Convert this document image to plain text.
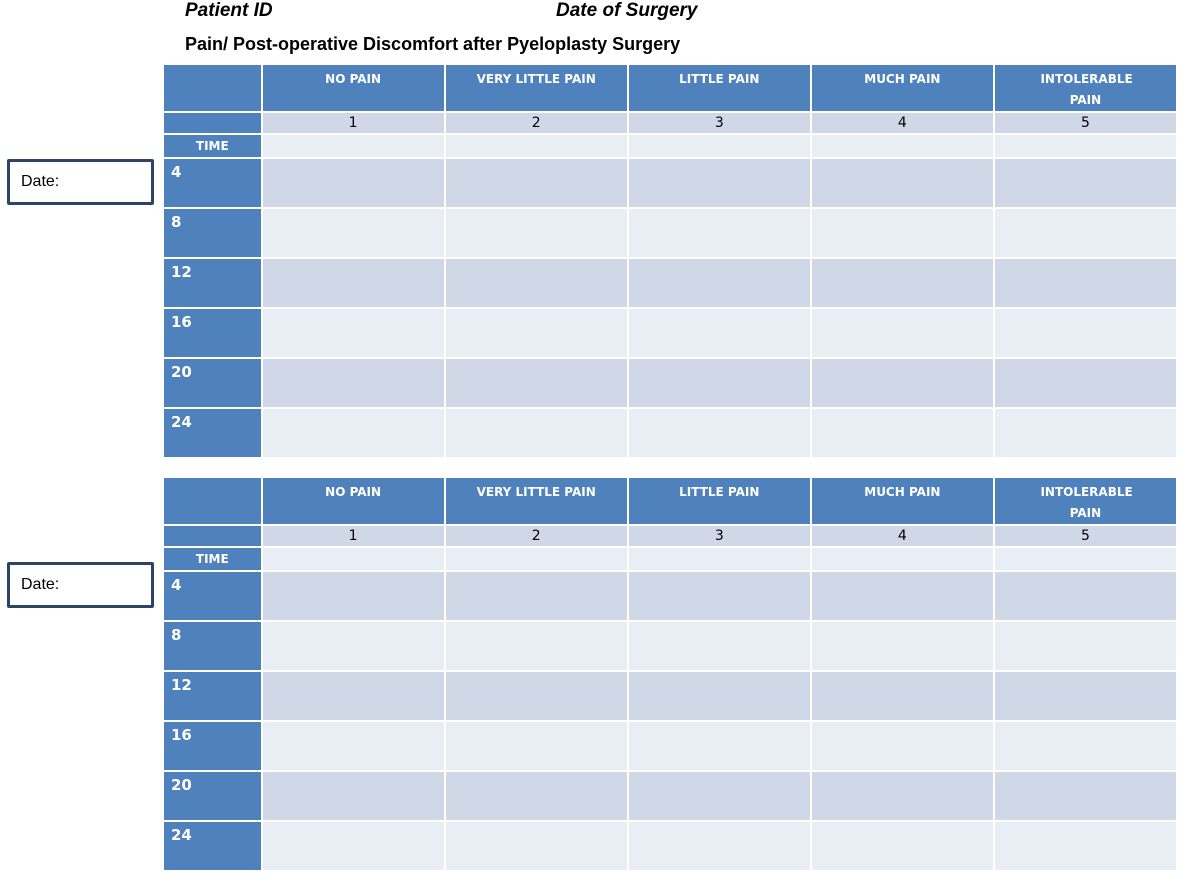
Patient ID	Date of Surgery
Pain/ Post-operative Discomfort after Pyeloplasty Surgery
Date:
	NO PAIN	VERY LITTLE PAIN	LITTLE PAIN	MUCH PAIN	INTOLERABLE PAIN

	1	2	3	4	5
TIME					
4					
8					
12					
16					
20					
24					
Date:
	NO PAIN	VERY LITTLE PAIN	LITTLE PAIN	MUCH PAIN	INTOLERABLE PAIN

	1	2	3	4	5
TIME					
4					
8					
12					
16					
20					
24					
